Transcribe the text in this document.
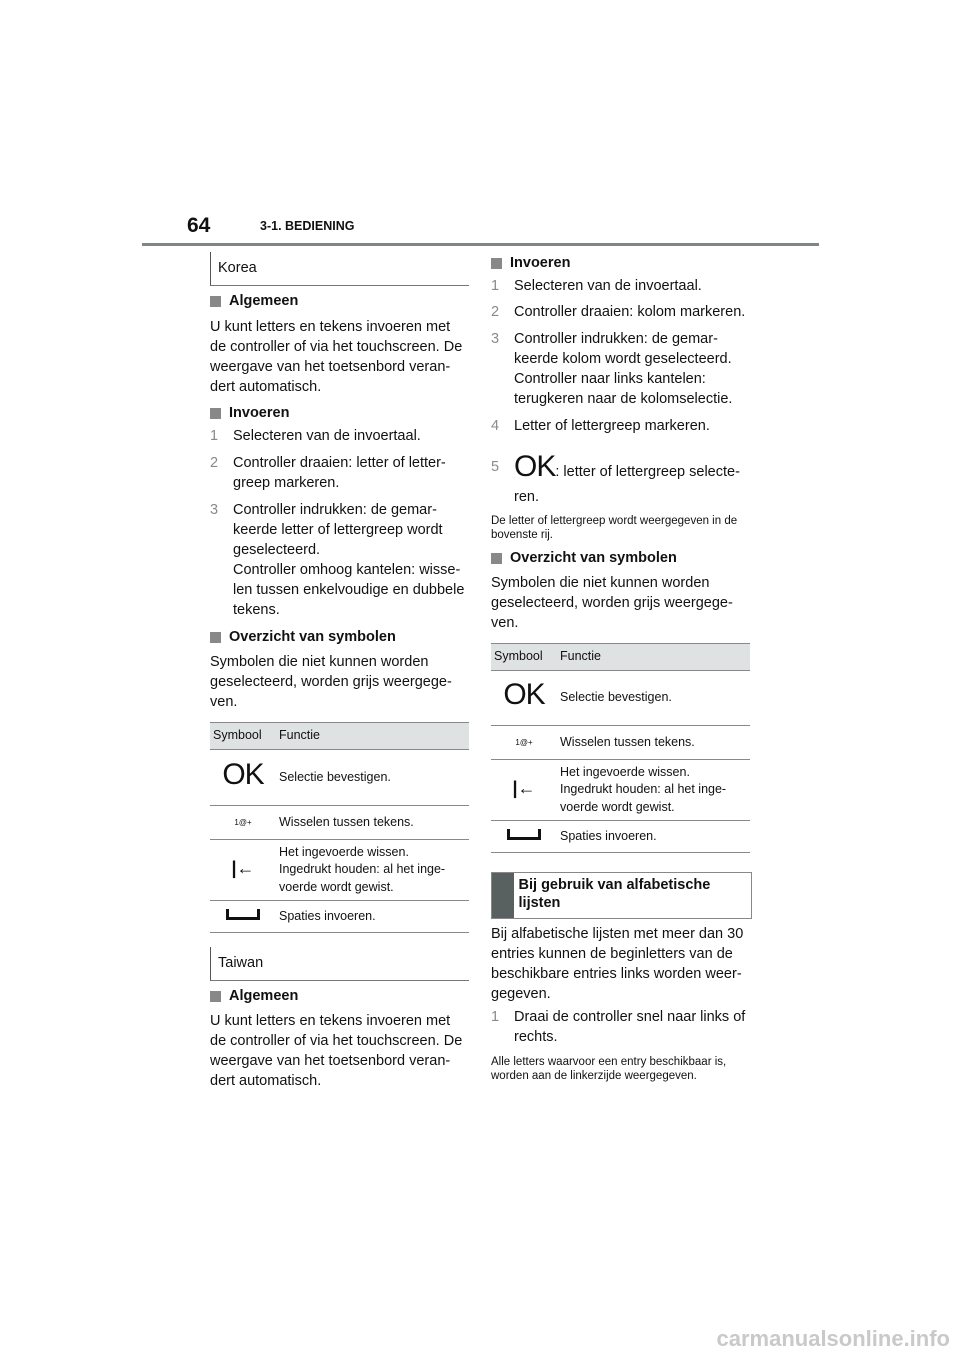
64	3-1. BEDIENING
Korea
Algemeen
U kunt letters en tekens invoeren met de controller of via het touchscreen. De weergave van het toetsenbord veran-dert automatisch.
Invoeren
1 Selecteren van de invoertaal.
2 Controller draaien: letter of letter-greep markeren.
3 Controller indrukken: de gemar-keerde letter of lettergreep wordt geselecteerd.
Controller omhoog kantelen: wisse-len tussen enkelvoudige en dubbele tekens.
Overzicht van symbolen
Symbolen die niet kunnen worden geselecteerd, worden grijs weergege-ven.
Symbool	Functie
OK	Selectie bevestigen.
1@+	Wisselen tussen tekens.
|←	Het ingevoerde wissen.
Ingedrukt houden: al het inge-voerde wordt gewist.

	Spaties invoeren.
Taiwan
Algemeen
U kunt letters en tekens invoeren met de controller of via het touchscreen. De weergave van het toetsenbord veran-dert automatisch.
Invoeren
1 Selecteren van de invoertaal.
2 Controller draaien: kolom markeren.
3 Controller indrukken: de gemar-keerde kolom wordt geselecteerd.
Controller naar links kantelen: terugkeren naar de kolomselectie.
4 Letter of lettergreep markeren.
5 OK: letter of lettergreep selecte-
ren.
De letter of lettergreep wordt weergegeven in de bovenste rij.
Overzicht van symbolen
Symbolen die niet kunnen worden geselecteerd, worden grijs weergege-ven.
Symbool	Functie
OK	Selectie bevestigen.
1@+	Wisselen tussen tekens.
|←	Het ingevoerde wissen.
Ingedrukt houden: al het inge-voerde wordt gewist.

	Spaties invoeren.
Bij gebruik van alfabetische lijsten
Bij alfabetische lijsten met meer dan 30 entries kunnen de beginletters van de beschikbare entries links worden weer-gegeven.
1 Draai de controller snel naar links of rechts.
Alle letters waarvoor een entry beschikbaar is, worden aan de linkerzijde weergegeven.
carmanualsonline.info
